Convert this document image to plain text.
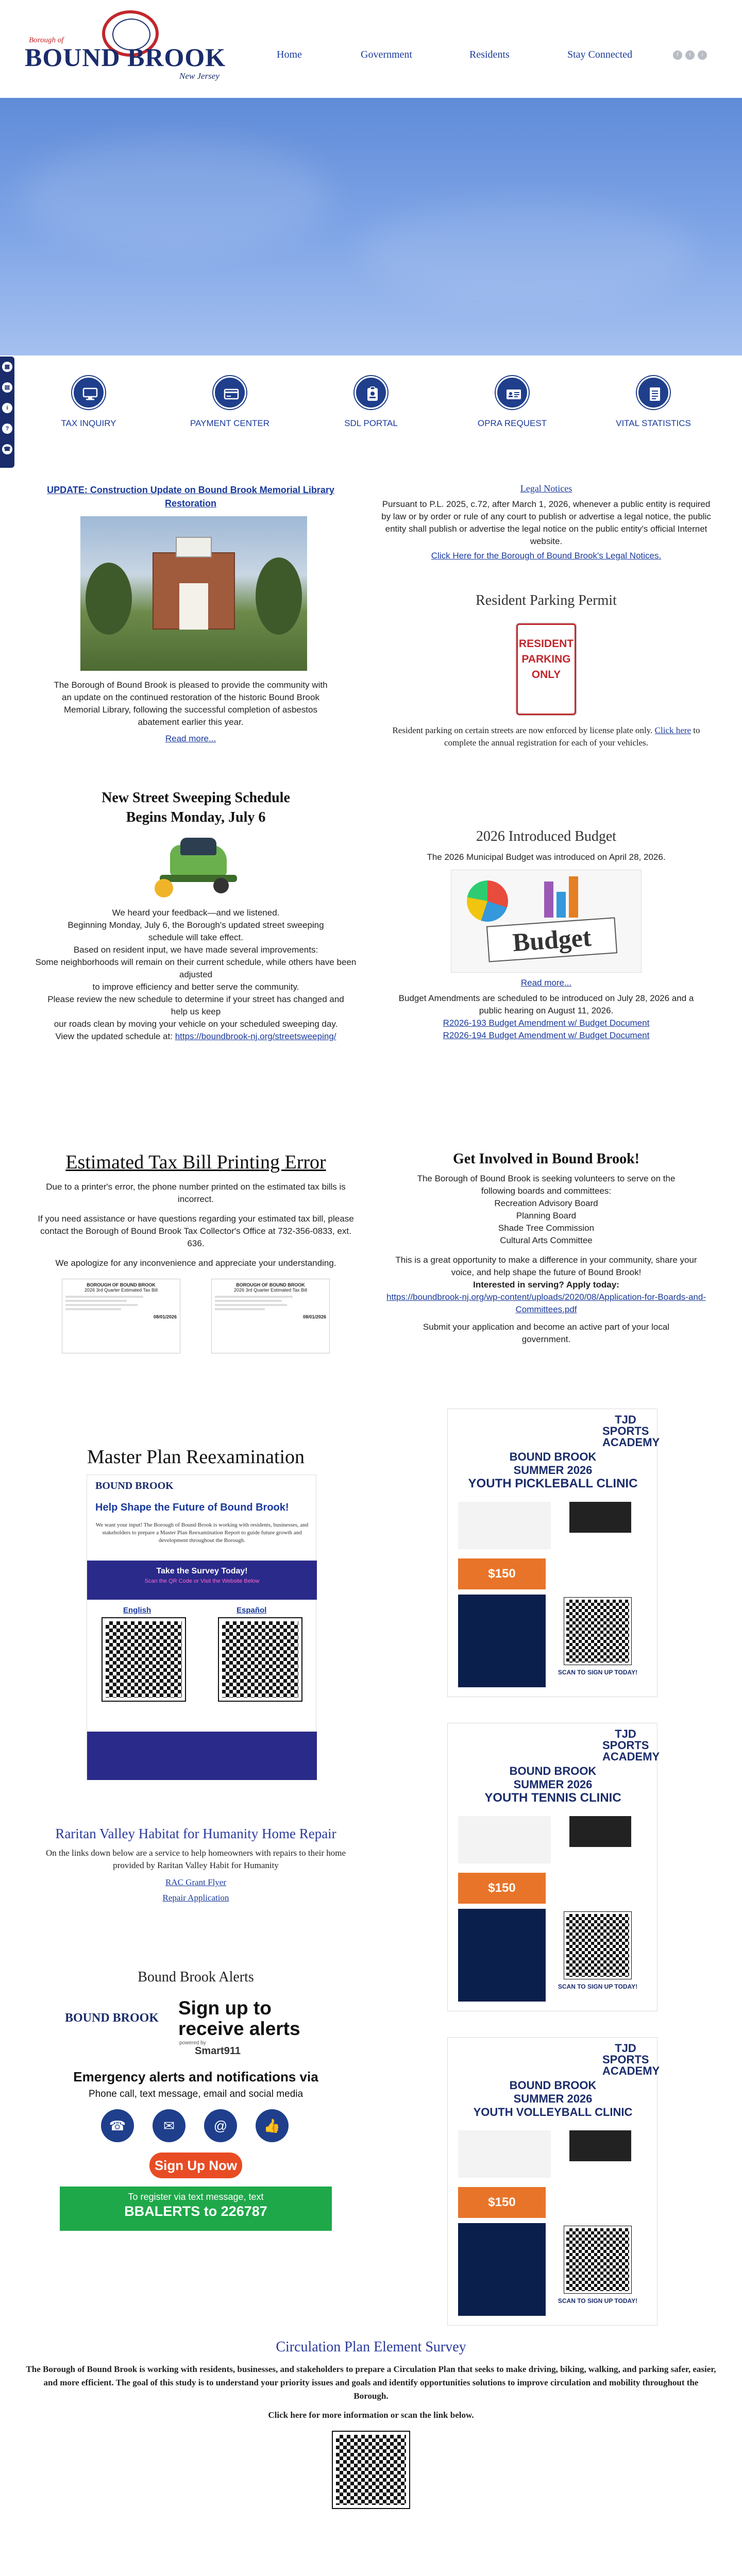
Borough of
BOUND BROOK
New Jersey
Home	Government	Residents	Stay Connected	f	t	i
▦
▤
i
?
☎
TAX INQUIRY	PAYMENT CENTER	SDL PORTAL	OPRA REQUEST	VITAL STATISTICS
UPDATE: Construction Update on Bound Brook Memorial Library Restoration

The Borough of Bound Brook is pleased to provide the community with an update on the continued restoration of the historic Bound Brook Memorial Library, following the successful completion of asbestos abatement earlier this year.

Read more...

Legal Notices

Pursuant to P.L. 2025, c.72, after March 1, 2026, whenever a public entity is required by law or by order or rule of any court to publish or advertise a legal notice, the public entity shall publish or advertise the legal notice on the public entity's official Internet website.

Click Here for the Borough of Bound Brook's Legal Notices.

Resident Parking Permit
RESIDENT
PARKING
ONLY

Resident parking on certain streets are now enforced by license plate only. Click here to complete the annual registration for each of your vehicles.

New Street Sweeping Schedule
Begins Monday, July 6

We heard your feedback—and we listened.

Beginning Monday, July 6, the Borough's updated street sweeping schedule will take effect.

Based on resident input, we have made several improvements:

Some neighborhoods will remain on their current schedule, while others have been adjusted

to improve efficiency and better serve the community.

Please review the new schedule to determine if your street has changed and help us keep

our roads clean by moving your vehicle on your scheduled sweeping day.

View the updated schedule at: https://boundbrook-nj.org/streetsweeping/

2026 Introduced Budget

The 2026 Municipal Budget was introduced on April 28, 2026.

Budget

Read more...

Budget Amendments are scheduled to be introduced on July 28, 2026 and a public hearing on August 11, 2026.

R2026-193 Budget Amendment w/ Budget Document

R2026-194 Budget Amendment w/ Budget Document

Estimated Tax Bill Printing Error

Due to a printer's error, the phone number printed on the estimated tax bills is incorrect.

If you need assistance or have questions regarding your estimated tax bill, please contact the Borough of Bound Brook Tax Collector's Office at 732-356-0833, ext. 636.

We apologize for any inconvenience and appreciate your understanding.

BOROUGH OF BOUND BROOK
2026 3rd Quarter Estimated Tax Bill
08/01/2026
BOROUGH OF BOUND BROOK
2026 3rd Quarter Estimated Tax Bill
08/01/2026
Get Involved in Bound Brook!

The Borough of Bound Brook is seeking volunteers to serve on the following boards and committees:

Recreation Advisory Board

Planning Board

Shade Tree Commission

Cultural Arts Committee

This is a great opportunity to make a difference in your community, share your voice, and help shape the future of Bound Brook!

Interested in serving? Apply today:

https://boundbrook-nj.org/wp-content/uploads/2020/08/Application-for-Boards-and-Committees.pdf

Submit your application and become an active part of your local government.

Master Plan Reexamination
BOUND BROOK
Help Shape the Future of Bound Brook!
We want your input! The Borough of Bound Brook is working with residents, businesses, and stakeholders to prepare a Master Plan Reexamination Report to guide future growth and development throughout the Borough.
Take the Survey Today!
Scan the QR Code or Visit the Website Below
English	Español
TJD SPORTS ACADEMY
BOUND BROOK
SUMMER 2026
YOUTH PICKLEBALL CLINIC
$150
SCAN TO SIGN UP TODAY!
TJD SPORTS ACADEMY
BOUND BROOK
SUMMER 2026
YOUTH TENNIS CLINIC
$150
SCAN TO SIGN UP TODAY!
TJD SPORTS ACADEMY
BOUND BROOK
SUMMER 2026
YOUTH VOLLEYBALL CLINIC
$150
SCAN TO SIGN UP TODAY!
Raritan Valley Habitat for Humanity Home Repair

On the links down below are a service to help homeowners with repairs to their home provided by Raritan Valley Habit for Humanity

RAC Grant Flyer

Repair Application

Bound Brook Alerts
BOUND BROOK Sign up to receive alerts
powered by
Smart911
Emergency alerts and notifications via
Phone call, text message, email and social media
☎	✉	@	👍
Sign Up Now
To register via text message, text
BBALERTS to 226787
Circulation Plan Element Survey

The Borough of Bound Brook is working with residents, businesses, and stakeholders to prepare a Circulation Plan that seeks to make driving, biking, walking, and parking safer, easier, and more efficient. The goal of this study is to understand your priority issues and goals and identify opportunities solutions to improve circulation and mobility throughout the Borough.

Click here for more information or scan the link below.
